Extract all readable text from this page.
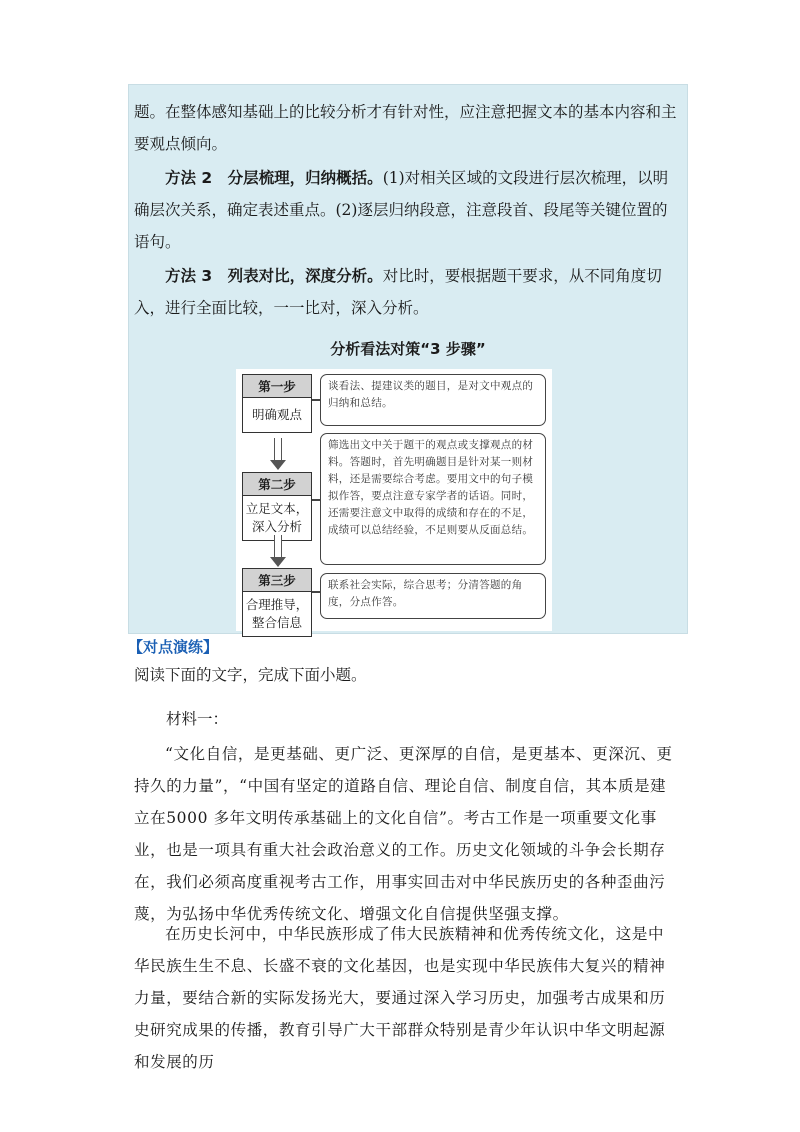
题。在整体感知基础上的比较分析才有针对性，应注意把握文本的基本内容和主要观点倾向。

方法 2　分层梳理，归纳概括。(1)对相关区域的文段进行层次梳理，以明确层次关系，确定表述重点。(2)逐层归纳段意，注意段首、段尾等关键位置的语句。

方法 3　列表对比，深度分析。对比时，要根据题干要求，从不同角度切入，进行全面比较，一一比对，深入分析。

分析看法对策“3 步骤”
第一步
明确观点
谈看法、提建议类的题目，是对文中观点的归纳和总结。
第二步
立足文本，
深入分析
筛选出文中关于题干的观点或支撑观点的材料。答题时，首先明确题目是针对某一则材料，还是需要综合考虑。要用文中的句子模拟作答，要点注意专家学者的话语。同时，还需要注意文中取得的成绩和存在的不足，成绩可以总结经验，不足则要从反面总结。
第三步
合理推导，
整合信息
联系社会实际，综合思考；分清答题的角度，分点作答。
【对点演练】

阅读下面的文字，完成下面小题。

材料一：

“文化自信，是更基础、更广泛、更深厚的自信，是更基本、更深沉、更持久的力量”，“中国有坚定的道路自信、理论自信、制度自信，其本质是建立在5000 多年文明传承基础上的文化自信”。考古工作是一项重要文化事业，也是一项具有重大社会政治意义的工作。历史文化领域的斗争会长期存在，我们必须高度重视考古工作，用事实回击对中华民族历史的各种歪曲污蔑，为弘扬中华优秀传统文化、增强文化自信提供坚强支撑。

在历史长河中，中华民族形成了伟大民族精神和优秀传统文化，这是中华民族生生不息、长盛不衰的文化基因，也是实现中华民族伟大复兴的精神力量，要结合新的实际发扬光大，要通过深入学习历史，加强考古成果和历史研究成果的传播，教育引导广大干部群众特别是青少年认识中华文明起源和发展的历
